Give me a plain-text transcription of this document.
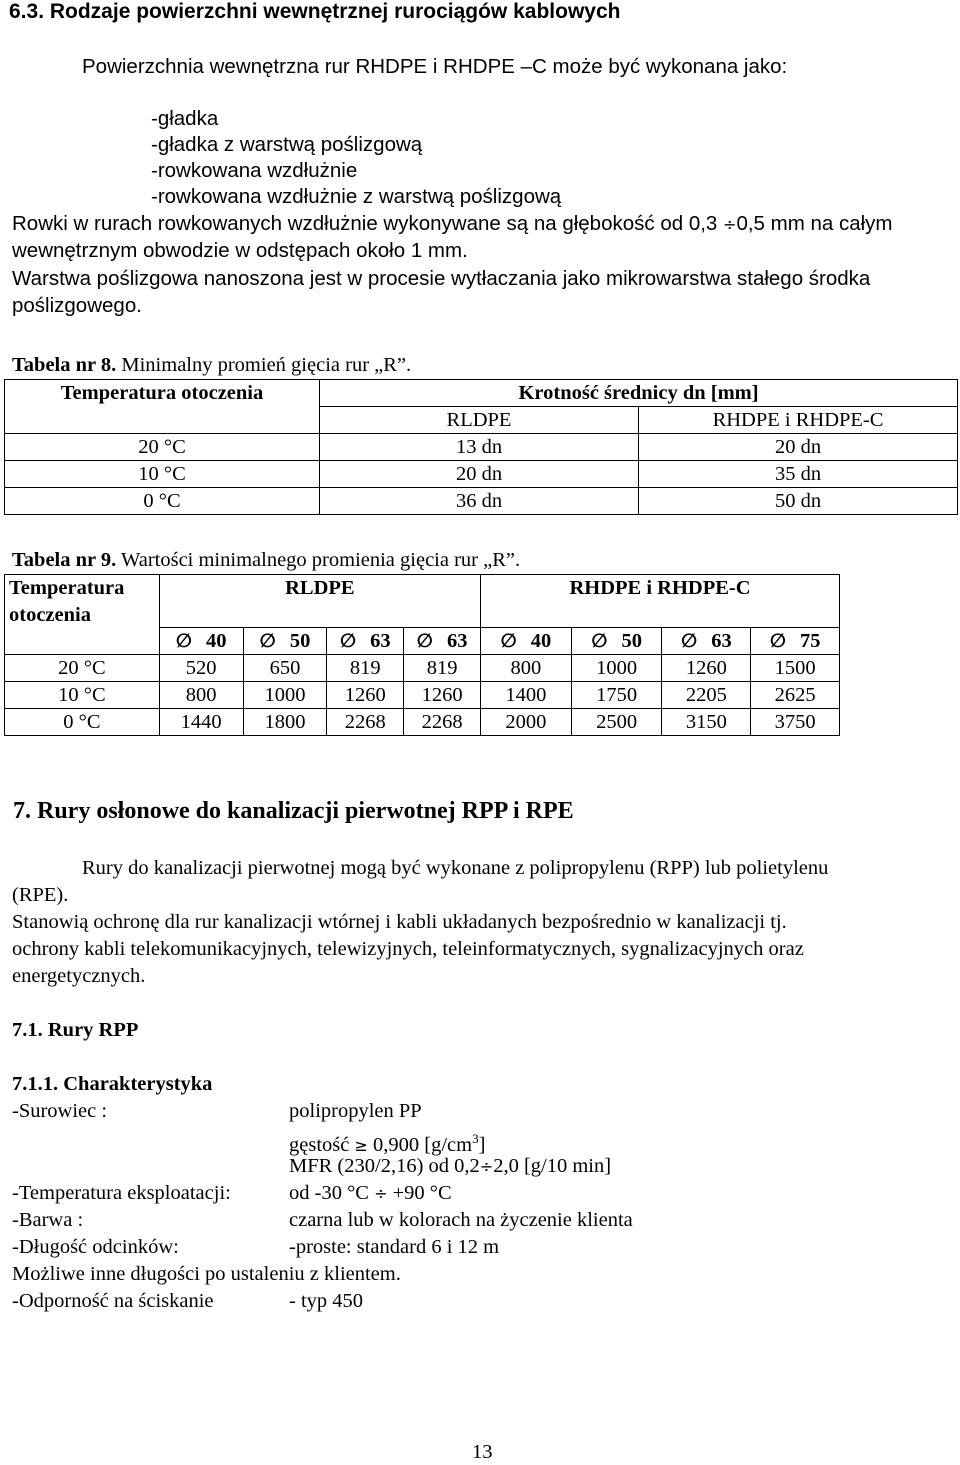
6.3. Rodzaje powierzchni wewnętrznej rurociągów kablowych
Powierzchnia wewnętrzna rur RHDPE i RHDPE –C może być wykonana jako:
-gładka
-gładka z warstwą poślizgową
-rowkowana wzdłużnie
-rowkowana wzdłużnie z warstwą poślizgową
Rowki w rurach rowkowanych wzdłużnie wykonywane są na głębokość od 0,3 ÷0,5 mm na całym
wewnętrznym obwodzie w odstępach około 1 mm.
Warstwa poślizgowa nanoszona jest w procesie wytłaczania jako mikrowarstwa stałego środka
poślizgowego.
Tabela nr 8. Minimalny promień gięcia rur „R”.
Temperatura otoczenia	Krotność średnicy dn [mm]	
	RLDPE	RHDPE i RHDPE-C
20 °C	13 dn	20 dn
10 °C	20 dn	35 dn
0 °C	36 dn	50 dn
Tabela nr 9. Wartości minimalnego promienia gięcia rur „R”.
Temperatura otoczenia	RLDPE				RHDPE i RHDPE-C			
	∅ 40	∅ 50	∅ 63	∅ 63	∅ 40	∅ 50	∅ 63	∅ 75
20 °C	520	650	819	819	800	1000	1260	1500
10 °C	800	1000	1260	1260	1400	1750	2205	2625
0 °C	1440	1800	2268	2268	2000	2500	3150	3750
7. Rury osłonowe do kanalizacji pierwotnej RPP i RPE
Rury do kanalizacji pierwotnej mogą być wykonane z polipropylenu (RPP) lub polietylenu
(RPE).
Stanowią ochronę dla rur kanalizacji wtórnej i kabli układanych bezpośrednio w kanalizacji tj.
ochrony kabli telekomunikacyjnych, telewizyjnych, teleinformatycznych, sygnalizacyjnych oraz
energetycznych.
7.1. Rury RPP
7.1.1. Charakterystyka
-Surowiec :	polipropylen PP
gęstość ≥ 0,900 $[g/cm^3]$
MFR (230/2,16) od 0,2÷2,0 [g/10 min]
-Temperatura eksploatacji:	od -30 °C ÷ +90 °C
-Barwa :	czarna lub w kolorach na życzenie klienta
-Długość odcinków:	-proste: standard 6 i 12 m
Możliwe inne długości po ustaleniu z klientem.
-Odporność na ściskanie	- typ 450
13
